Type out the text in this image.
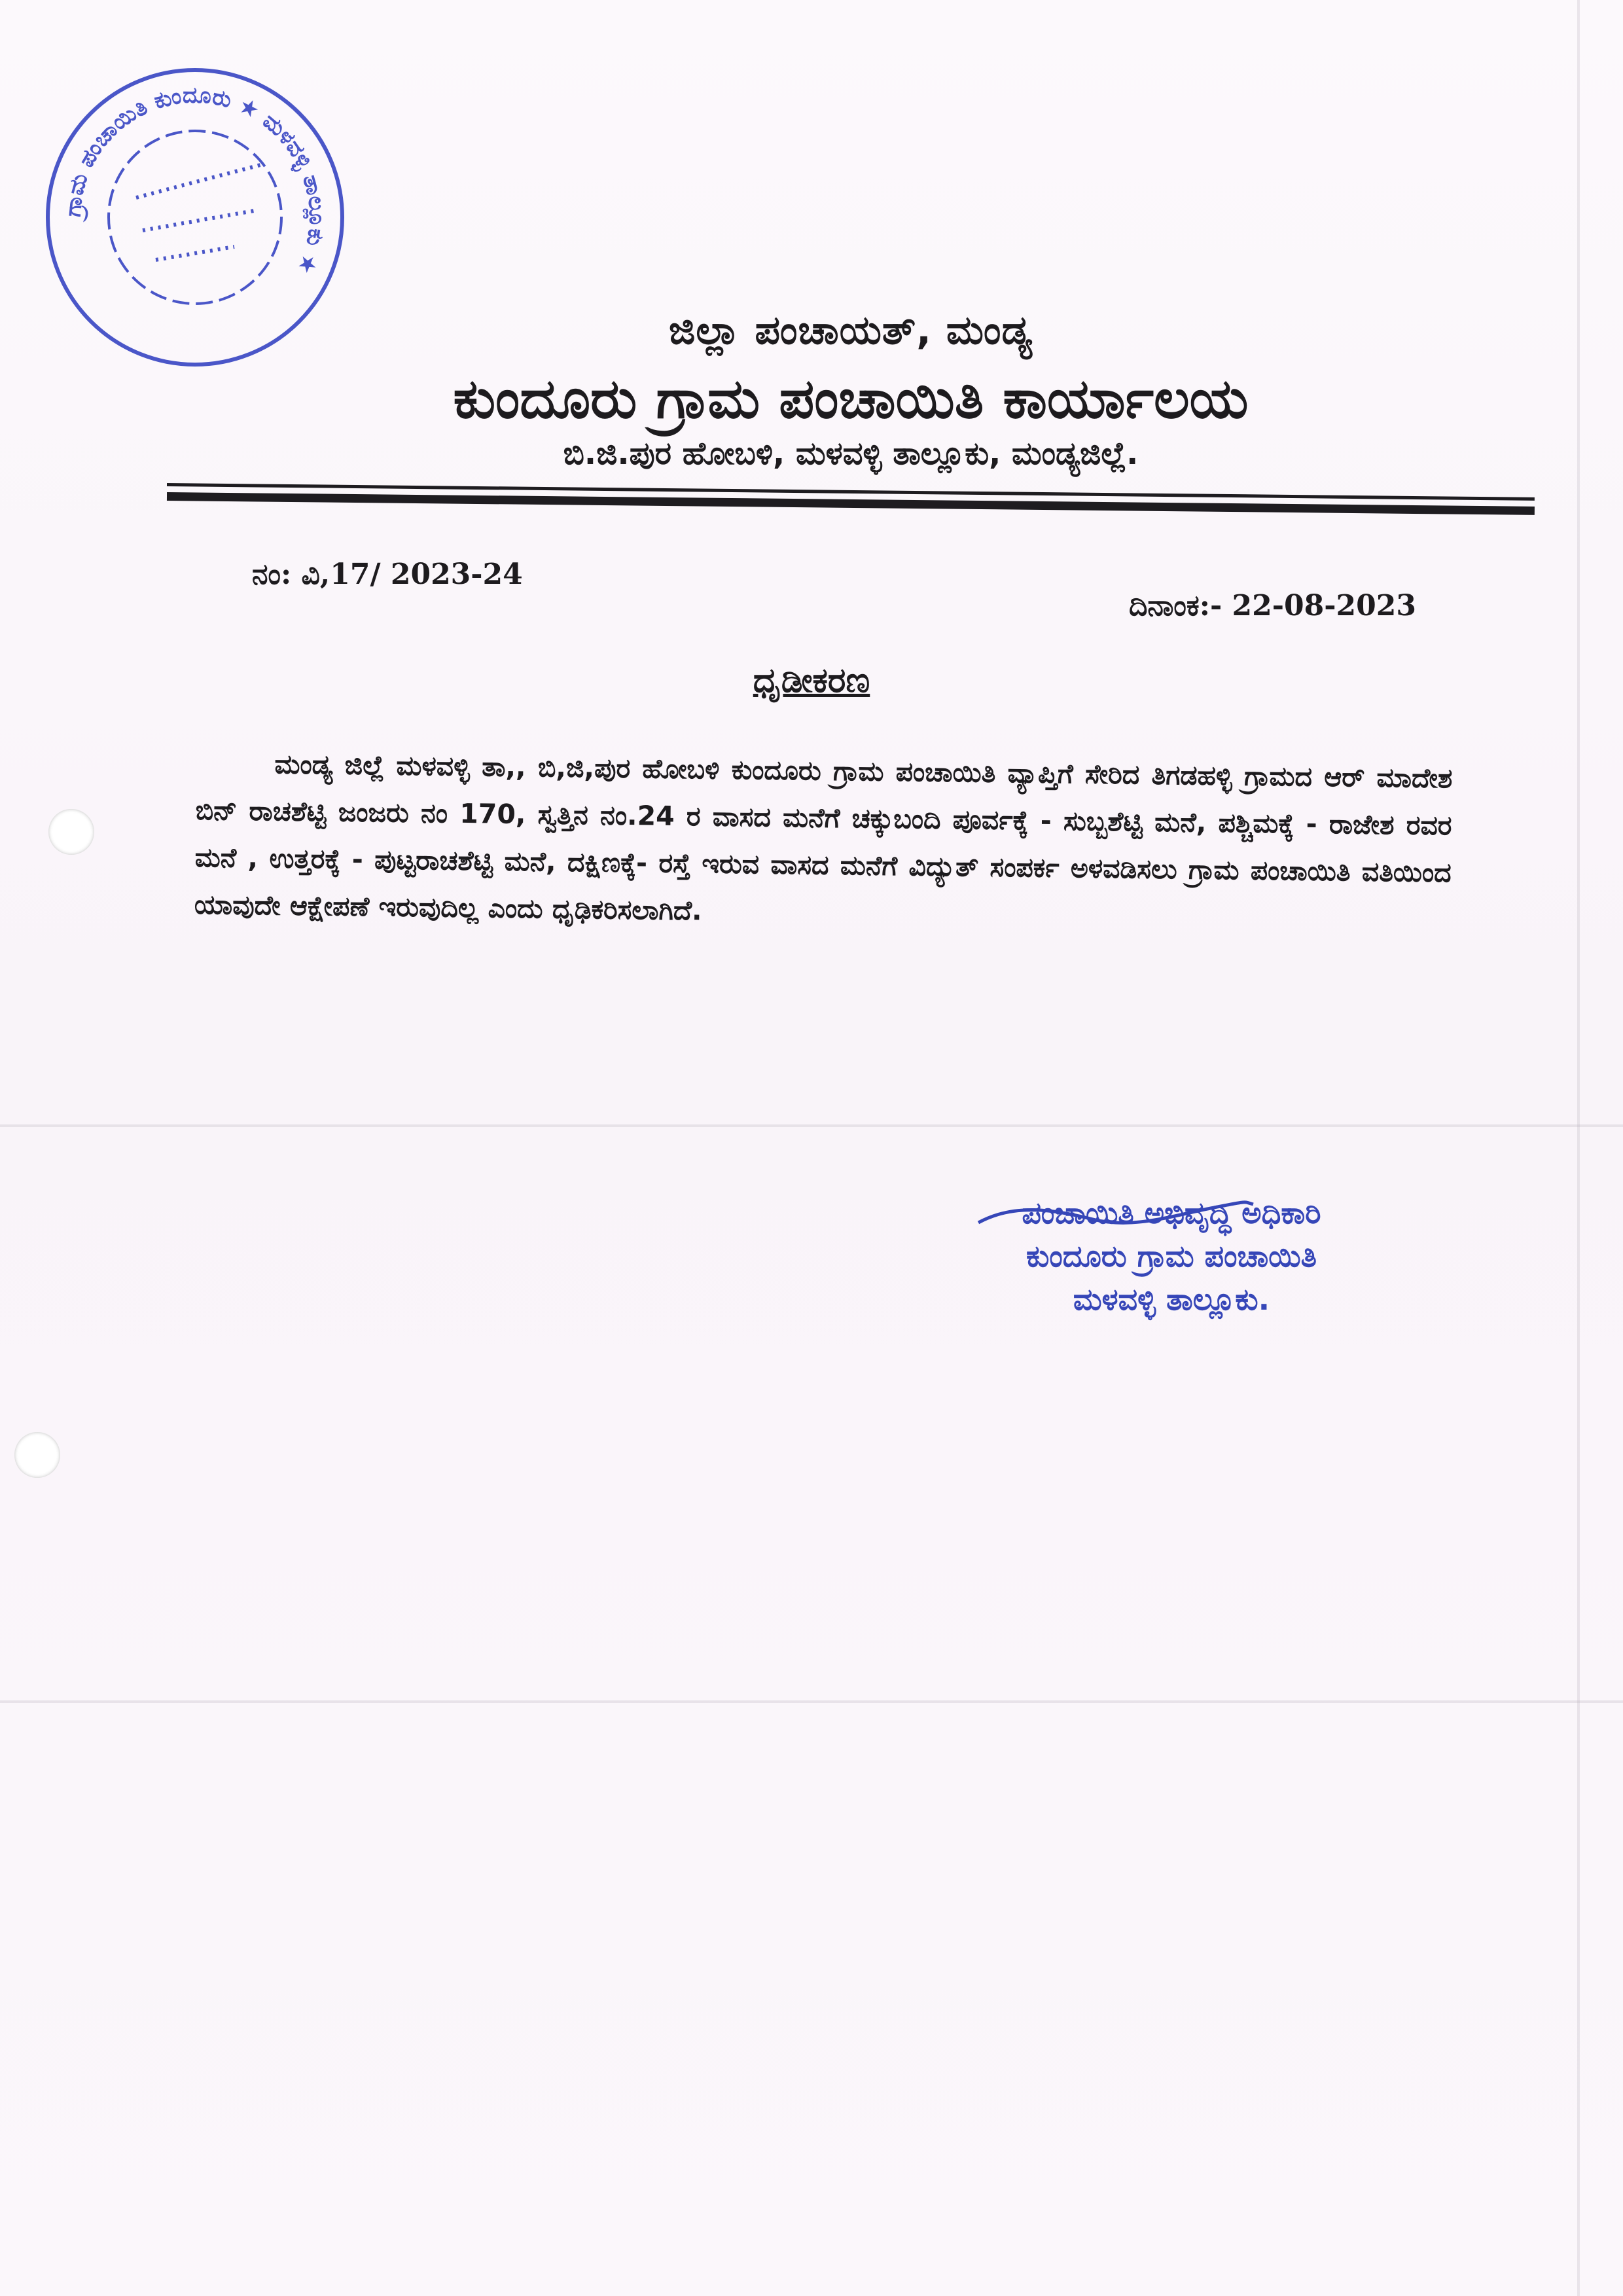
ಗ್ರಾಮ ಪಂಚಾಯಿತಿ ಕುಂದೂರು ★ ಮಳವಳ್ಳಿ ತಾಲ್ಲೂಕು ★
ಜಿಲ್ಲಾ ಪಂಚಾಯತ್, ಮಂಡ್ಯ
ಕುಂದೂರು ಗ್ರಾಮ ಪಂಚಾಯಿತಿ ಕಾರ್ಯಾಲಯ
ಬಿ.ಜಿ.ಪುರ ಹೋಬಳಿ, ಮಳವಳ್ಳಿ ತಾಲ್ಲೂಕು, ಮಂಡ್ಯಜಿಲ್ಲೆ.
ನಂ: ವಿ,17/ 2023-24
ದಿನಾಂಕ:- 22-08-2023
ಧೃಡೀಕರಣ
ಮಂಡ್ಯ ಜಿಲ್ಲೆ ಮಳವಳ್ಳಿ ತಾ,, ಬಿ,ಜಿ,ಪುರ ಹೋಬಳಿ ಕುಂದೂರು ಗ್ರಾಮ ಪಂಚಾಯಿತಿ ವ್ಯಾಪ್ತಿಗೆ ಸೇರಿದ ತಿಗಡಹಳ್ಳಿ ಗ್ರಾಮದ ಆರ್ ಮಾದೇಶ ಬಿನ್ ರಾಚಶೆಟ್ಟಿ ಜಂಜರು ನಂ 170, ಸ್ವತ್ತಿನ ನಂ.24 ರ ವಾಸದ ಮನೆಗೆ ಚಕ್ಕುಬಂದಿ ಪೂರ್ವಕ್ಕೆ - ಸುಬ್ಬಶೆಟ್ಟಿ ಮನೆ, ಪಶ್ಚಿಮಕ್ಕೆ - ರಾಜೇಶ ರವರ ಮನೆ , ಉತ್ತರಕ್ಕೆ - ಪುಟ್ಟರಾಚಶೆಟ್ಟಿ ಮನೆ, ದಕ್ಷಿಣಕ್ಕೆ- ರಸ್ತೆ ಇರುವ ವಾಸದ ಮನೆಗೆ ವಿದ್ಯುತ್ ಸಂಪರ್ಕ ಅಳವಡಿಸಲು ಗ್ರಾಮ ಪಂಚಾಯಿತಿ ವತಿಯಿಂದ ಯಾವುದೇ ಆಕ್ಷೇಪಣೆ ಇರುವುದಿಲ್ಲ ಎಂದು ಧೃಢಿಕರಿಸಲಾಗಿದೆ.
ಪಂಚಾಯಿತಿ ಅಭಿವೃದ್ಧಿ ಅಧಿಕಾರಿ
ಕುಂದೂರು ಗ್ರಾಮ ಪಂಚಾಯಿತಿ
ಮಳವಳ್ಳಿ ತಾಲ್ಲೂಕು.
